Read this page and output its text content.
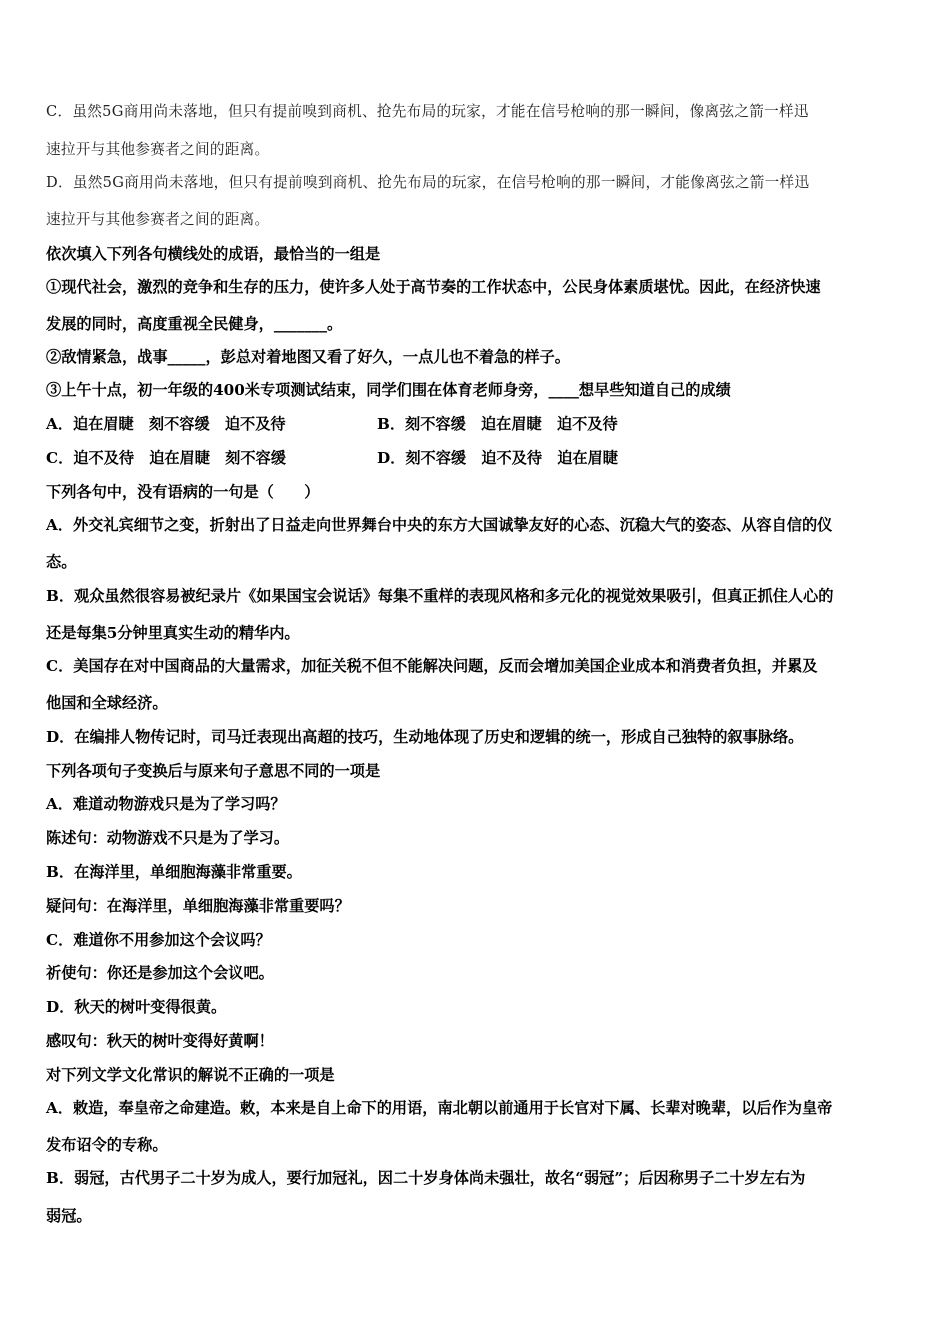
C．虽然5G商用尚未落地，但只有提前嗅到商机、抢先布局的玩家，才能在信号枪响的那一瞬间，像离弦之箭一样迅
速拉开与其他参赛者之间的距离。
D．虽然5G商用尚未落地，但只有提前嗅到商机、抢先布局的玩家，在信号枪响的那一瞬间，才能像离弦之箭一样迅
速拉开与其他参赛者之间的距离。
依次填入下列各句横线处的成语，最恰当的一组是
①现代社会，激烈的竞争和生存的压力，使许多人处于高节奏的工作状态中，公民身体素质堪忧。因此，在经济快速
发展的同时，高度重视全民健身，_______。
②敌情紧急，战事_____，彭总对着地图又看了好久，一点儿也不着急的样子。
③上午十点，初一年级的400米专项测试结束，同学们围在体育老师身旁，____想早些知道自己的成绩
A．迫在眉睫　刻不容缓　迫不及待	B．刻不容缓　迫在眉睫　迫不及待
C．迫不及待　迫在眉睫　刻不容缓	D．刻不容缓　迫不及待　迫在眉睫
下列各句中，没有语病的一句是（　　）
A．外交礼宾细节之变，折射出了日益走向世界舞台中央的东方大国诚挚友好的心态、沉稳大气的姿态、从容自信的仪
态。
B．观众虽然很容易被纪录片《如果国宝会说话》每集不重样的表现风格和多元化的视觉效果吸引，但真正抓住人心的
还是每集5分钟里真实生动的精华内。
C．美国存在对中国商品的大量需求，加征关税不但不能解决问题，反而会增加美国企业成本和消费者负担，并累及
他国和全球经济。
D．在编排人物传记时，司马迁表现出高超的技巧，生动地体现了历史和逻辑的统一，形成自己独特的叙事脉络。
下列各项句子变换后与原来句子意思不同的一项是
A．难道动物游戏只是为了学习吗？
陈述句：动物游戏不只是为了学习。
B．在海洋里，单细胞海藻非常重要。
疑问句：在海洋里，单细胞海藻非常重要吗？
C．难道你不用参加这个会议吗？
祈使句：你还是参加这个会议吧。
D．秋天的树叶变得很黄。
感叹句：秋天的树叶变得好黄啊！
对下列文学文化常识的解说不正确的一项是
A．敕造，奉皇帝之命建造。敕，本来是自上命下的用语，南北朝以前通用于长官对下属、长辈对晚辈，以后作为皇帝
发布诏令的专称。
B．弱冠，古代男子二十岁为成人，要行加冠礼，因二十岁身体尚未强壮，故名“弱冠”；后因称男子二十岁左右为
弱冠。
